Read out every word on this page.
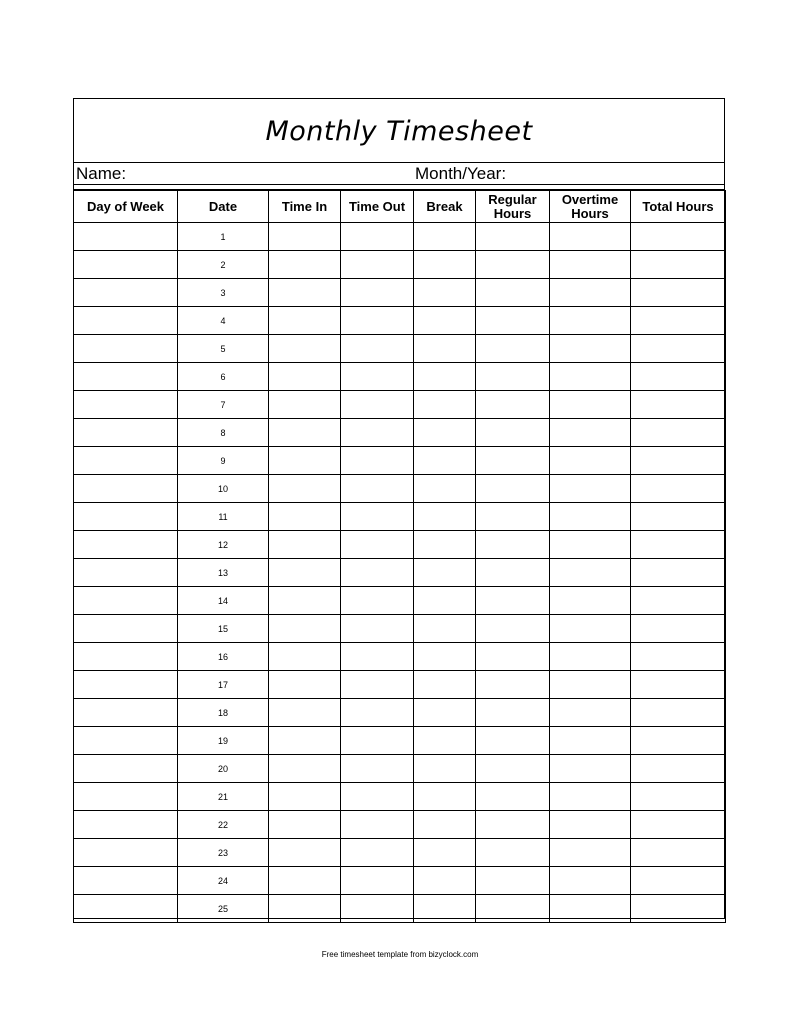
Monthly Timesheet
Name:	Month/Year:
Day of Week	Date	Time In	Time Out	Break	Regular Hours	Overtime Hours	Total Hours
	1						
	2						
	3						
	4						
	5						
	6						
	7						
	8						
	9						
	10						
	11						
	12						
	13						
	14						
	15						
	16						
	17						
	18						
	19						
	20						
	21						
	22						
	23						
	24						
	25						
Free timesheet template from bizyclock.com
